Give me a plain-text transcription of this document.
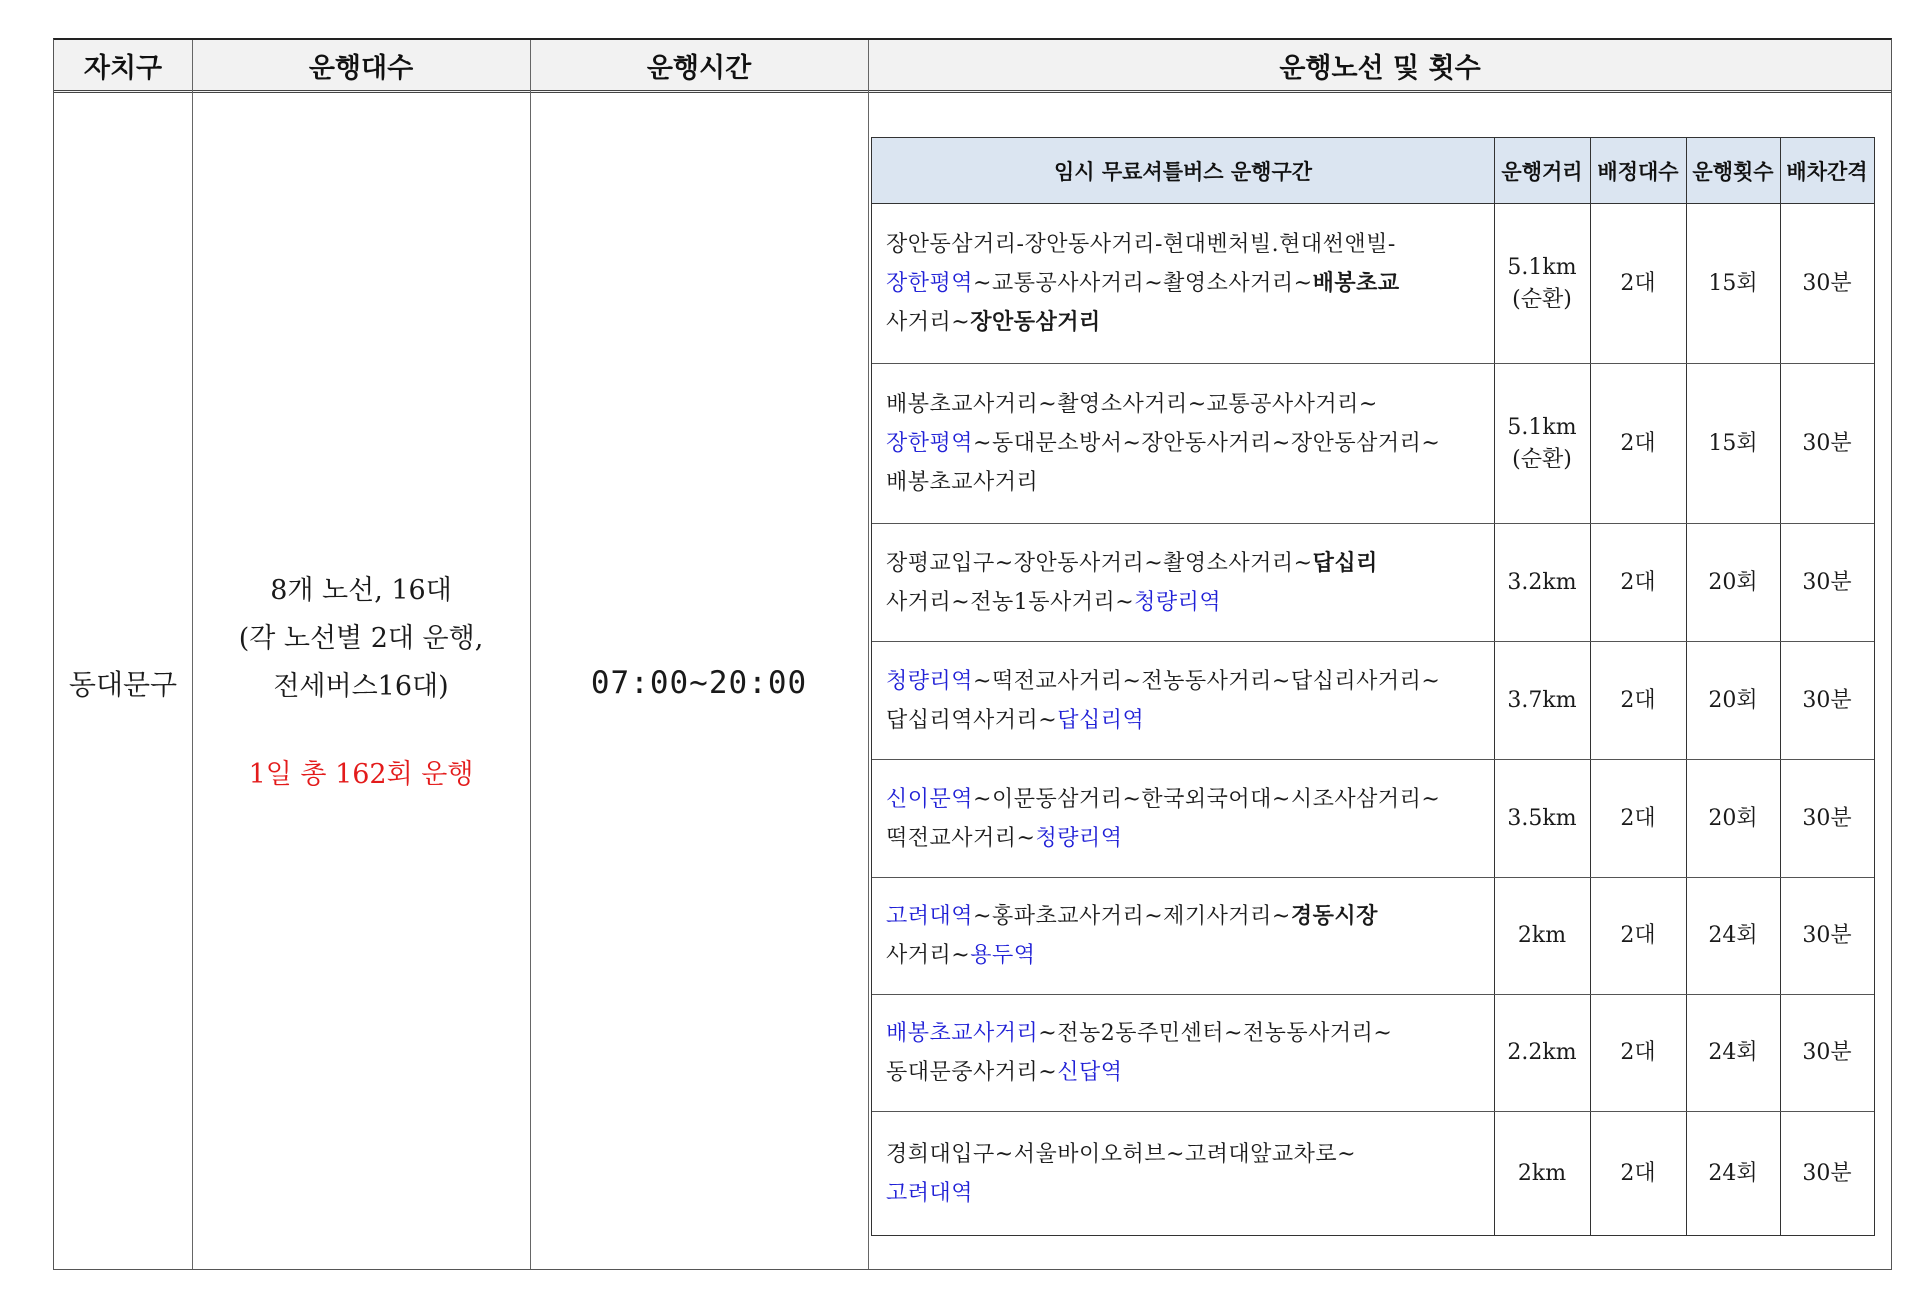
자치구	운행대수	운행시간	운행노선 및 횟수
동대문구
8개 노선, 16대
(각 노선별 2대 운행,
전세버스16대)
1일 총 162회 운행
07:00~20:00
임시 무료셔틀버스 운행구간	운행거리 배정대수 운행횟수 배차간격
장안동삼거리-장안동사거리-현대벤처빌.현대썬앤빌-
장한평역~교통공사사거리~촬영소사거리~배봉초교
사거리~장안동삼거리
5.1km
(순환)
2대 15회 30분
배봉초교사거리~촬영소사거리~교통공사사거리~
장한평역~동대문소방서~장안동사거리~장안동삼거리~
배봉초교사거리
5.1km
(순환)
2대 15회 30분
장평교입구~장안동사거리~촬영소사거리~답십리
사거리~전농1동사거리~청량리역
3.2km 2대 20회 30분
청량리역~떡전교사거리~전농동사거리~답십리사거리~
답십리역사거리~답십리역
3.7km 2대 20회 30분
신이문역~이문동삼거리~한국외국어대~시조사삼거리~
떡전교사거리~청량리역
3.5km 2대 20회 30분
고려대역~홍파초교사거리~제기사거리~경동시장
사거리~용두역
2km 2대 24회 30분
배봉초교사거리~전농2동주민센터~전농동사거리~
동대문중사거리~신답역
2.2km 2대 24회 30분
경희대입구~서울바이오허브~고려대앞교차로~
고려대역
2km 2대 24회 30분
